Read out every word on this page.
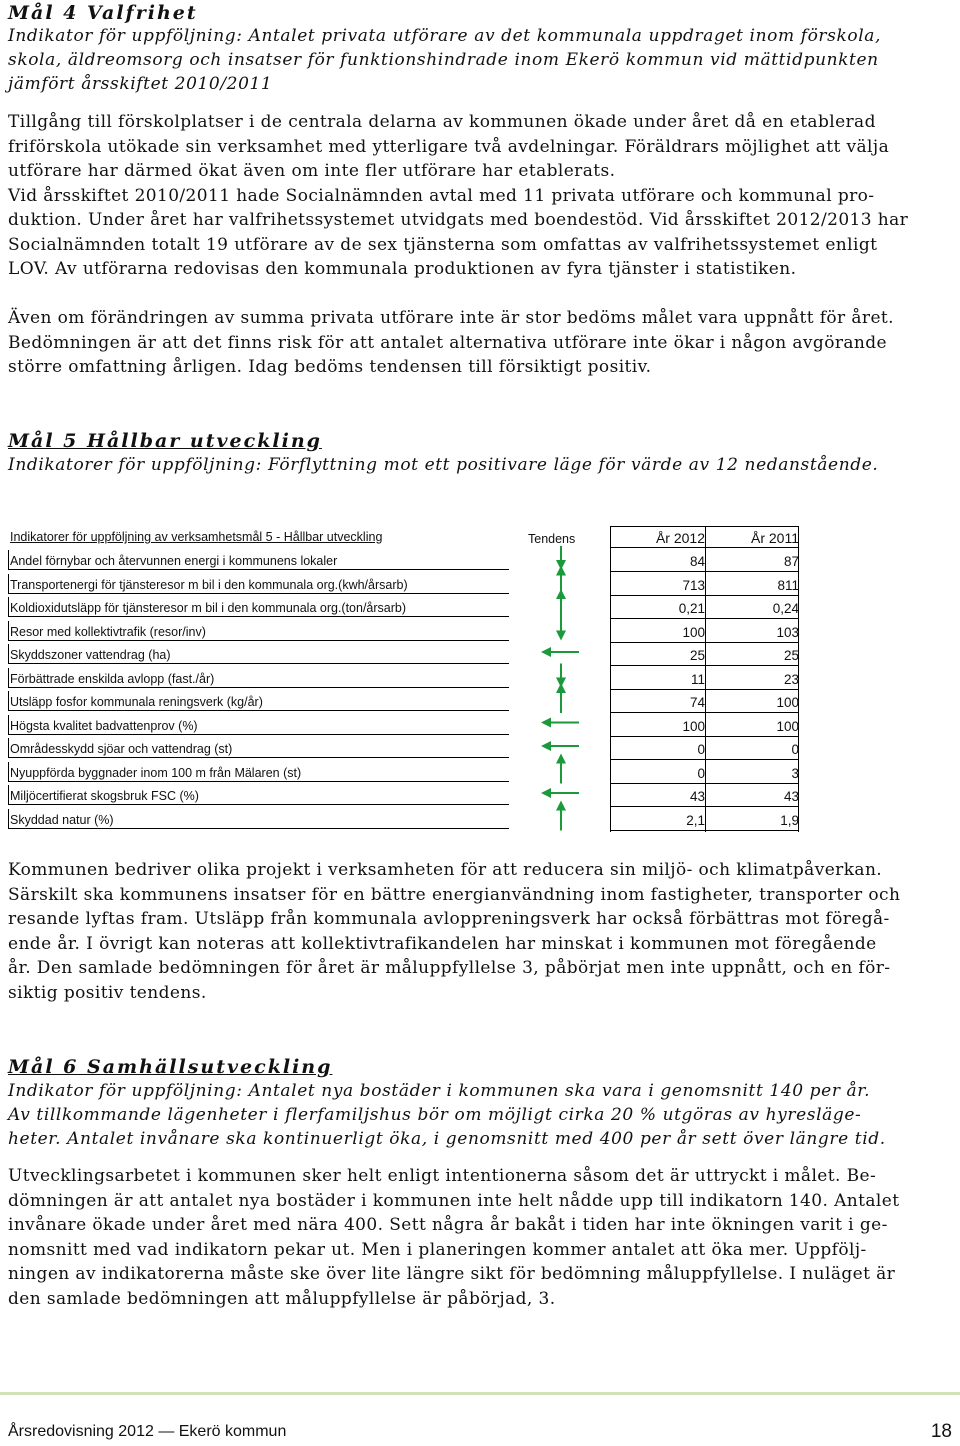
Mål 4 Valfrihet
Indikator för uppföljning: Antalet privata utförare av det kommunala uppdraget inom förskola,
skola, äldreomsorg och insatser för funktionshindrade inom Ekerö kommun vid mättidpunkten
jämfört årsskiftet 2010/2011
Tillgång till förskolplatser i de centrala delarna av kommunen ökade under året då en etablerad
friförskola utökade sin verksamhet med ytterligare två avdelningar. Föräldrars möjlighet att välja
utförare har därmed ökat även om inte fler utförare har etablerats.
Vid årsskiftet 2010/2011 hade Socialnämnden avtal med 11 privata utförare och kommunal pro-
duktion. Under året har valfrihetssystemet utvidgats med boendestöd. Vid årsskiftet 2012/2013 har
Socialnämnden totalt 19 utförare av de sex tjänsterna som omfattas av valfrihetssystemet enligt
LOV. Av utförarna redovisas den kommunala produktionen av fyra tjänster i statistiken.
Även om förändringen av summa privata utförare inte är stor bedöms målet vara uppnått för året.
Bedömningen är att det finns risk för att antalet alternativa utförare inte ökar i någon avgörande
större omfattning årligen. Idag bedöms tendensen till försiktigt positiv.
Mål 5 Hållbar utveckling
Indikatorer för uppföljning: Förflyttning mot ett positivare läge för värde av 12 nedanstående.
Indikatorer för uppföljning av verksamhetsmål 5 - Hållbar utveckling	Tendens	År 2012	År 2011
Andel förnybar och återvunnen energi i kommunens lokaler	84	87
Transportenergi för tjänsteresor m bil i den kommunala org.(kwh/årsarb)	713	811
Koldioxidutsläpp för tjänsteresor m bil i den kommunala org.(ton/årsarb)	0,21	0,24
Resor med kollektivtrafik (resor/inv)	100	103
Skyddszoner vattendrag (ha)	25	25
Förbättrade enskilda avlopp (fast./år)	11	23
Utsläpp fosfor kommunala reningsverk (kg/år)	74	100
Högsta kvalitet badvattenprov (%)	100	100
Områdesskydd sjöar och vattendrag (st)	0	0
Nyuppförda byggnader inom 100 m från Mälaren (st)	0	3
Miljöcertifierat skogsbruk FSC (%)	43	43
Skyddad natur (%)	2,1	1,9
Kommunen bedriver olika projekt i verksamheten för att reducera sin miljö- och klimatpåverkan.
Särskilt ska kommunens insatser för en bättre energianvändning inom fastigheter, transporter och
resande lyftas fram. Utsläpp från kommunala avloppreningsverk har också förbättras mot föregå-
ende år. I övrigt kan noteras att kollektivtrafikandelen har minskat i kommunen mot föregående
år. Den samlade bedömningen för året är måluppfyllelse 3, påbörjat men inte uppnått, och en för-
siktig positiv tendens.
Mål 6 Samhällsutveckling
Indikator för uppföljning: Antalet nya bostäder i kommunen ska vara i genomsnitt 140 per år.
Av tillkommande lägenheter i flerfamiljshus bör om möjligt cirka 20 % utgöras av hyresläge-
heter. Antalet invånare ska kontinuerligt öka, i genomsnitt med 400 per år sett över längre tid.
Utvecklingsarbetet i kommunen sker helt enligt intentionerna såsom det är uttryckt i målet. Be-
dömningen är att antalet nya bostäder i kommunen inte helt nådde upp till indikatorn 140. Antalet
invånare ökade under året med nära 400. Sett några år bakåt i tiden har inte ökningen varit i ge-
nomsnitt med vad indikatorn pekar ut. Men i planeringen kommer antalet att öka mer. Uppfölj-
ningen av indikatorerna måste ske över lite längre sikt för bedömning måluppfyllelse. I nuläget är
den samlade bedömningen att måluppfyllelse är påbörjad, 3.
Årsredovisning 2012 — Ekerö kommun	18
